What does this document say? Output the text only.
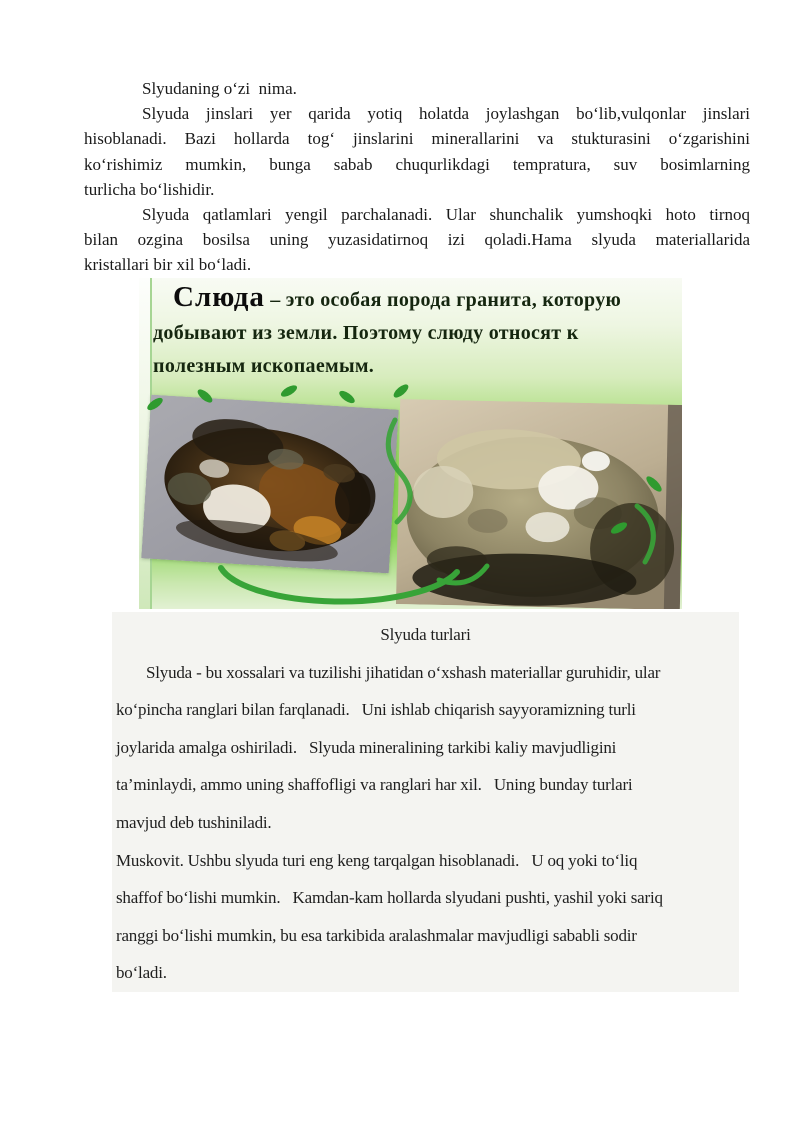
Slyudaning o‘zi  nima.
Slyuda jinslari yer qarida yotiq holatda joylashgan bo‘lib,vulqonlar jinslari
hisoblanadi. Bazi hollarda tog‘ jinslarini minerallarini va stukturasini o‘zgarishini
ko‘rishimiz mumkin, bunga sabab chuqurlikdagi tempratura, suv bosimlarning
turlicha bo‘lishidir.
Slyuda qatlamlari yengil parchalanadi. Ular shunchalik yumshoqki hoto tirnoq
bilan ozgina bosilsa uning yuzasidatirnoq izi qoladi.Hama slyuda materiallarida
kristallari bir xil bo‘ladi.
Слюда – это особая порода гранита, которую добывают из земли. Поэтому слюду относят к полезным ископаемым.
Slyuda turlari
Slyuda - bu xossalari va tuzilishi jihatidan o‘xshash materiallar guruhidir, ular
ko‘pincha ranglari bilan farqlanadi.   Uni ishlab chiqarish sayyoramizning turli
joylarida amalga oshiriladi.   Slyuda mineralining tarkibi kaliy mavjudligini
ta’minlaydi, ammo uning shaffofligi va ranglari har xil.   Uning bunday turlari
mavjud deb tushiniladi.
Muskovit. Ushbu slyuda turi eng keng tarqalgan hisoblanadi.   U oq yoki to‘liq
shaffof bo‘lishi mumkin.   Kamdan-kam hollarda slyudani pushti, yashil yoki sariq
ranggi bo‘lishi mumkin, bu esa tarkibida aralashmalar mavjudligi sababli sodir
bo‘ladi.
